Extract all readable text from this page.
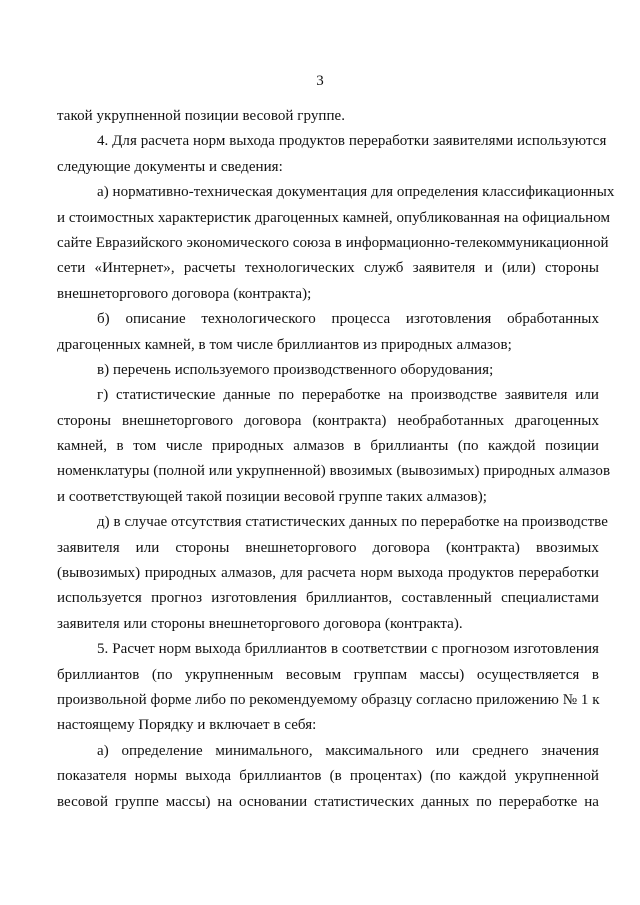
3
такой укрупненной позиции весовой группе.
4. Для расчета норм выхода продуктов переработки заявителями используются
следующие документы и сведения:
а) нормативно-техническая документация для определения классификационных
и стоимостных характеристик драгоценных камней, опубликованная на официальном
сайте Евразийского экономического союза в информационно-телекоммуникационной
сети «Интернет», расчеты технологических служб заявителя и (или) стороны
внешнеторгового договора (контракта);
б) описание технологического процесса изготовления обработанных
драгоценных камней, в том числе бриллиантов из природных алмазов;
в) перечень используемого производственного оборудования;
г) статистические данные по переработке на производстве заявителя или
стороны внешнеторгового договора (контракта) необработанных драгоценных
камней, в том числе природных алмазов в бриллианты (по каждой позиции
номенклатуры (полной или укрупненной) ввозимых (вывозимых) природных алмазов
и соответствующей такой позиции весовой группе таких алмазов);
д) в случае отсутствия статистических данных по переработке на производстве
заявителя или стороны внешнеторгового договора (контракта) ввозимых
(вывозимых) природных алмазов, для расчета норм выхода продуктов переработки
используется прогноз изготовления бриллиантов, составленный специалистами
заявителя или стороны внешнеторгового договора (контракта).
5. Расчет норм выхода бриллиантов в соответствии с прогнозом изготовления
бриллиантов (по укрупненным весовым группам массы) осуществляется в
произвольной форме либо по рекомендуемому образцу согласно приложению № 1 к
настоящему Порядку и включает в себя:
а) определение минимального, максимального или среднего значения
показателя нормы выхода бриллиантов (в процентах) (по каждой укрупненной
весовой группе массы) на основании статистических данных по переработке на
